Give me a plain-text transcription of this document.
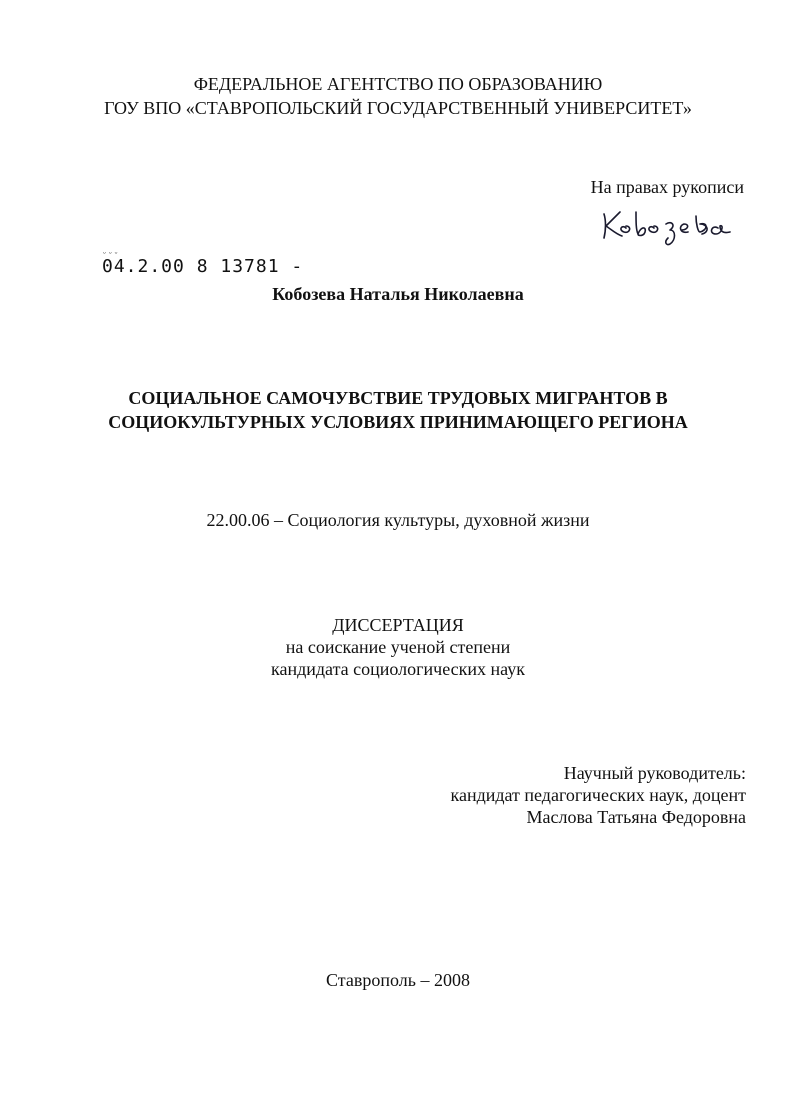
ФЕДЕРАЛЬНОЕ АГЕНТСТВО ПО ОБРАЗОВАНИЮ
ГОУ ВПО «СТАВРОПОЛЬСКИЙ ГОСУДАРСТВЕННЫЙ УНИВЕРСИТЕТ»
На правах рукописи
ᵕᵕᵕ
04.2.00 8 13781 -
Кобозева Наталья Николаевна
СОЦИАЛЬНОЕ САМОЧУВСТВИЕ ТРУДОВЫХ МИГРАНТОВ В
СОЦИОКУЛЬТУРНЫХ УСЛОВИЯХ ПРИНИМАЮЩЕГО РЕГИОНА
22.00.06 – Социология культуры, духовной жизни
ДИССЕРТАЦИЯ
на соискание ученой степени
кандидата социологических наук
Научный руководитель:
кандидат педагогических наук, доцент
Маслова Татьяна Федоровна
Ставрополь – 2008
